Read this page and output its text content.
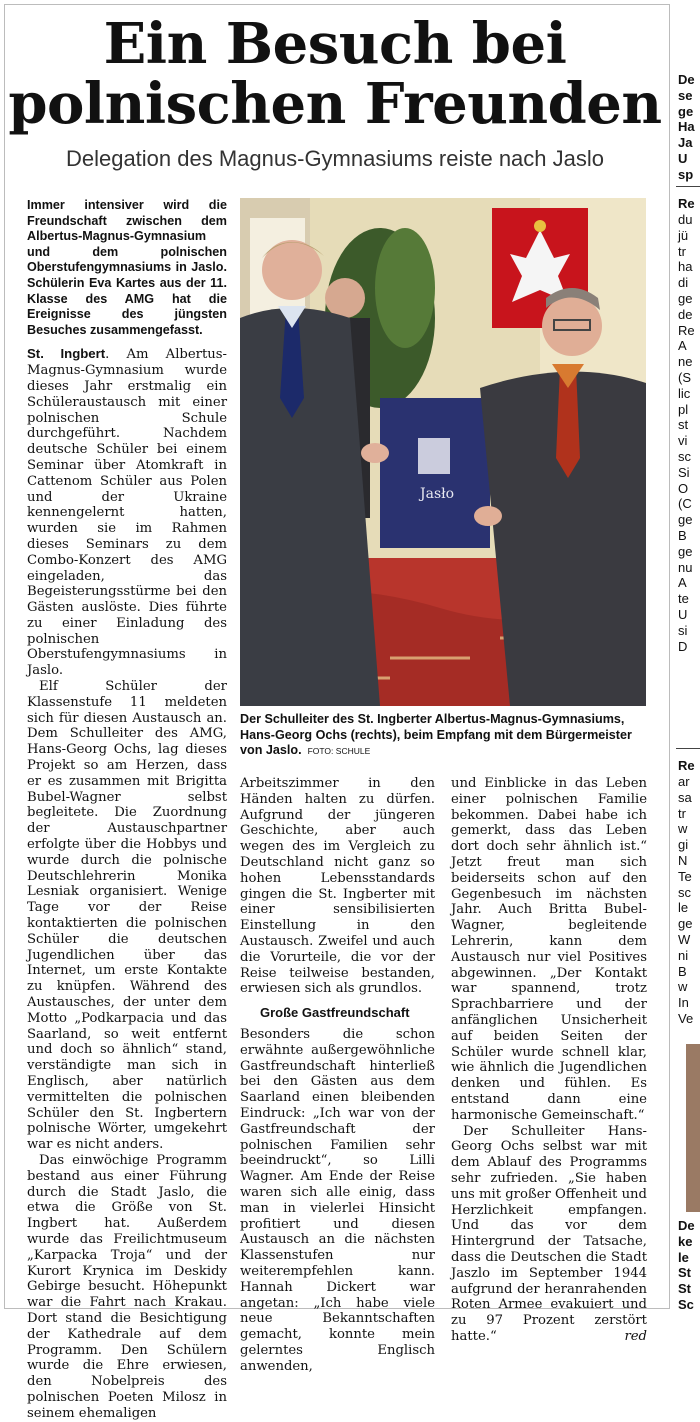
Ein Besuch bei polnischen Freunden
Delegation des Magnus-Gymnasiums reiste nach Jaslo
Immer intensiver wird die Freundschaft zwischen dem Albertus-Magnus-Gymnasium und dem polnischen Oberstufengymnasiums in Jaslo. Schülerin Eva Kartes aus der 11. Klasse des AMG hat die Ereignisse des jüngsten Besuches zusammengefasst.

St. Ingbert. Am Albertus-Magnus-Gymnasium wurde dieses Jahr erstmalig ein Schüleraustausch mit einer polnischen Schule durchgeführt. Nachdem deutsche Schüler bei einem Seminar über Atomkraft in Cattenom Schüler aus Polen und der Ukraine kennengelernt hatten, wurden sie im Rahmen dieses Seminars zu dem Combo-Konzert des AMG eingeladen, das Begeisterungsstürme bei den Gästen auslöste. Dies führte zu einer Einladung des polnischen Oberstufengymnasiums in Jaslo.

Elf Schüler der Klassenstufe 11 meldeten sich für diesen Austausch an. Dem Schulleiter des AMG, Hans-Georg Ochs, lag dieses Projekt so am Herzen, dass er es zusammen mit Brigitta Bubel-Wagner selbst begleitete. Die Zuordnung der Austauschpartner erfolgte über die Hobbys und wurde durch die polnische Deutschlehrerin Monika Lesniak organisiert. Wenige Tage vor der Reise kontaktierten die polnischen Schüler die deutschen Jugendlichen über das Internet, um erste Kontakte zu knüpfen. Während des Austausches, der unter dem Motto „Podkarpacia und das Saarland, so weit entfernt und doch so ähnlich“ stand, verständigte man sich in Englisch, aber natürlich vermittelten die polnischen Schüler den St. Ingbertern polnische Wörter, umgekehrt war es nicht anders.

Das einwöchige Programm bestand aus einer Führung durch die Stadt Jaslo, die etwa die Größe von St. Ingbert hat. Außerdem wurde das Freilichtmuseum „Karpacka Troja“ und der Kurort Krynica im Deskidy Gebirge besucht. Höhepunkt war die Fahrt nach Krakau. Dort stand die Besichtigung der Kathedrale auf dem Programm. Den Schülern wurde die Ehre erwiesen, den Nobelpreis des polnischen Poeten Milosz in seinem ehemaligen

Jasło
Der Schulleiter des St. Ingberter Albertus-Magnus-Gymnasiums, Hans-Georg Ochs (rechts), beim Empfang mit dem Bürgermeister von Jaslo. FOTO: SCHULE

Arbeitszimmer in den Händen halten zu dürfen. Aufgrund der jüngeren Geschichte, aber auch wegen des im Vergleich zu Deutschland nicht ganz so hohen Lebensstandards gingen die St. Ingberter mit einer sensibilisierten Einstellung in den Austausch. Zweifel und auch die Vorurteile, die vor der Reise teilweise bestanden, erwiesen sich als grundlos.

Große Gastfreundschaft

Besonders die schon erwähnte außergewöhnliche Gastfreundschaft hinterließ bei den Gästen aus dem Saarland einen bleibenden Eindruck: „Ich war von der Gastfreundschaft der polnischen Familien sehr beeindruckt“, so Lilli Wagner. Am Ende der Reise waren sich alle einig, dass man in vielerlei Hinsicht profitiert und diesen Austausch an die nächsten Klassenstufen nur weiterempfehlen kann. Hannah Dickert war angetan: „Ich habe viele neue Bekanntschaften gemacht, konnte mein gelerntes Englisch anwenden,

und Einblicke in das Leben einer polnischen Familie bekommen. Dabei habe ich gemerkt, dass das Leben dort doch sehr ähnlich ist.“ Jetzt freut man sich beiderseits schon auf den Gegenbesuch im nächsten Jahr. Auch Britta Bubel-Wagner, begleitende Lehrerin, kann dem Austausch nur viel Positives abgewinnen. „Der Kontakt war spannend, trotz Sprachbarriere und der anfänglichen Unsicherheit auf beiden Seiten der Schüler wurde schnell klar, wie ähnlich die Jugendlichen denken und fühlen. Es entstand dann eine harmonische Gemeinschaft.“

Der Schulleiter Hans-Georg Ochs selbst war mit dem Ablauf des Programms sehr zufrieden. „Sie haben uns mit großer Offenheit und Herzlichkeit empfangen. Und das vor dem Hintergrund der Tatsache, dass die Deutschen die Stadt Jaszlo im September 1944 aufgrund der heranrahenden Roten Armee evakuiert und zu 97 Prozent zerstört hatte.“	red

De
se
ge
Ha
Ja
U
sp
Re
du
jü
tr
ha
di
ge
de
Re
A
ne
(S
lic
pl
st
vi
sc
Si
O
(C
ge
B
ge
nu
A
te
U
si
D
Re
ar
sa
tr
w
gi
N
Te
sc
le
ge
W
ni
B
w
In
Ve
De
ke
le
St
St
Sc
